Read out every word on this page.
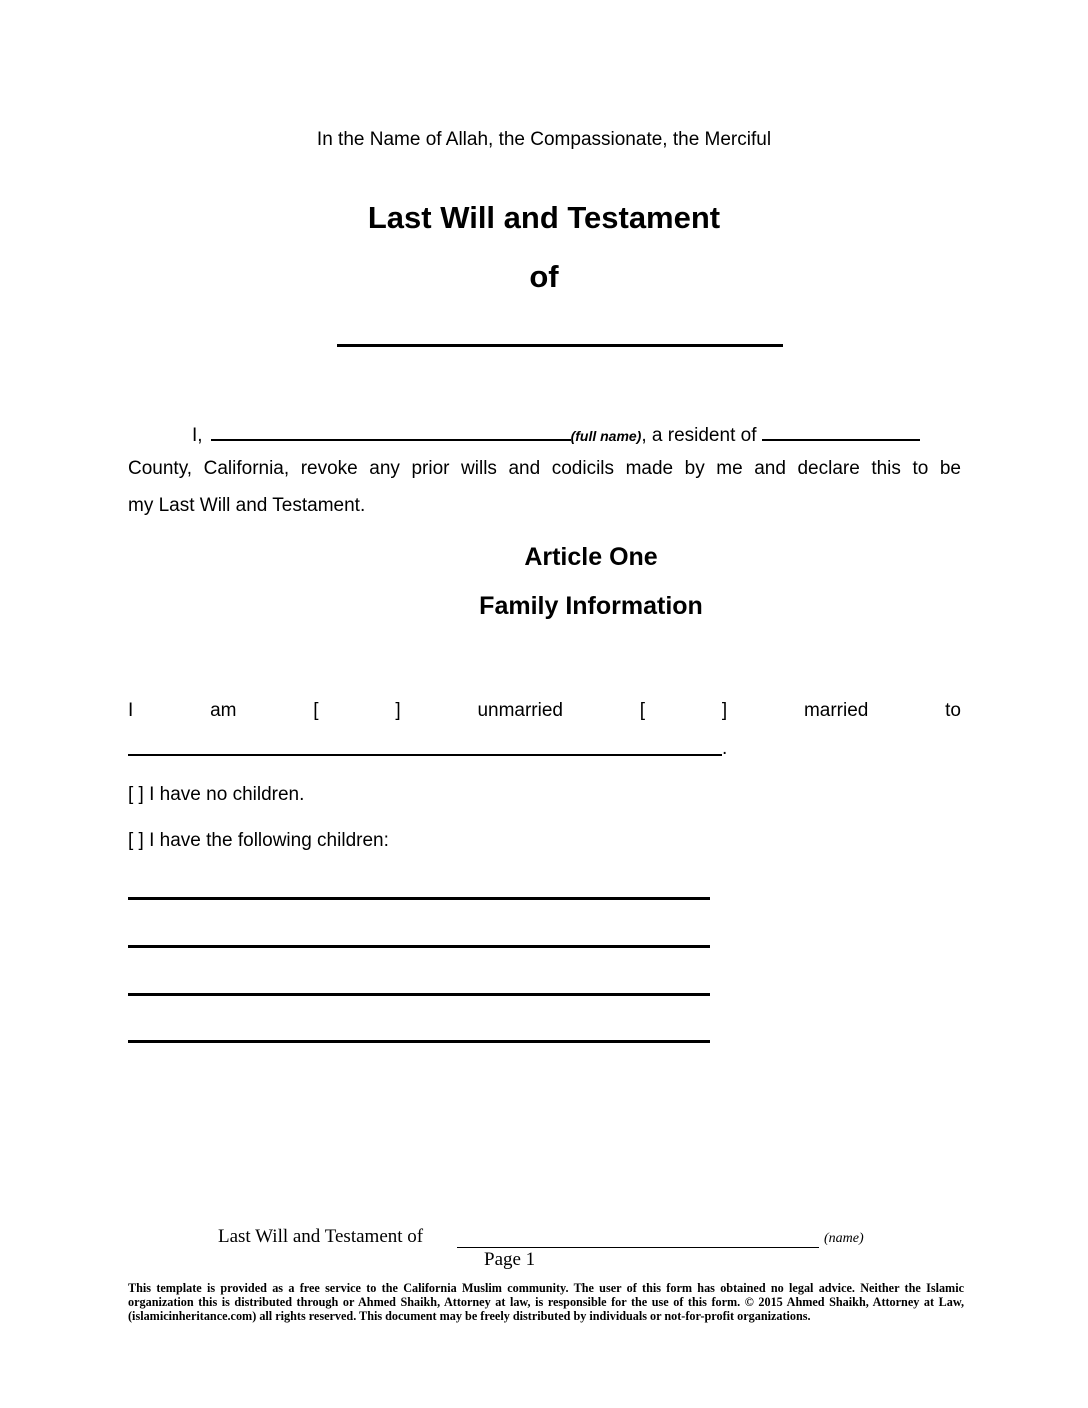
In the Name of Allah, the Compassionate, the Merciful
Last Will and Testament
of
I,	(full name), a resident of
County, California, revoke any prior wills and codicils made by me and declare this to be
my Last Will and Testament.
Article One
Family Information
I	am	[	]	unmarried	[	]	married	to
.
[ ] I have no children.
[ ] I have the following children:
Last Will and Testament of	(name)
Page 1
This template is provided as a free service to the California Muslim community. The user of this form has obtained no legal advice. Neither the Islamic organization this is distributed through or Ahmed Shaikh, Attorney at law, is responsible for the use of this form. © 2015 Ahmed Shaikh, Attorney at Law, (islamicinheritance.com) all rights reserved. This document may be freely distributed by individuals or not-for-profit organizations.
